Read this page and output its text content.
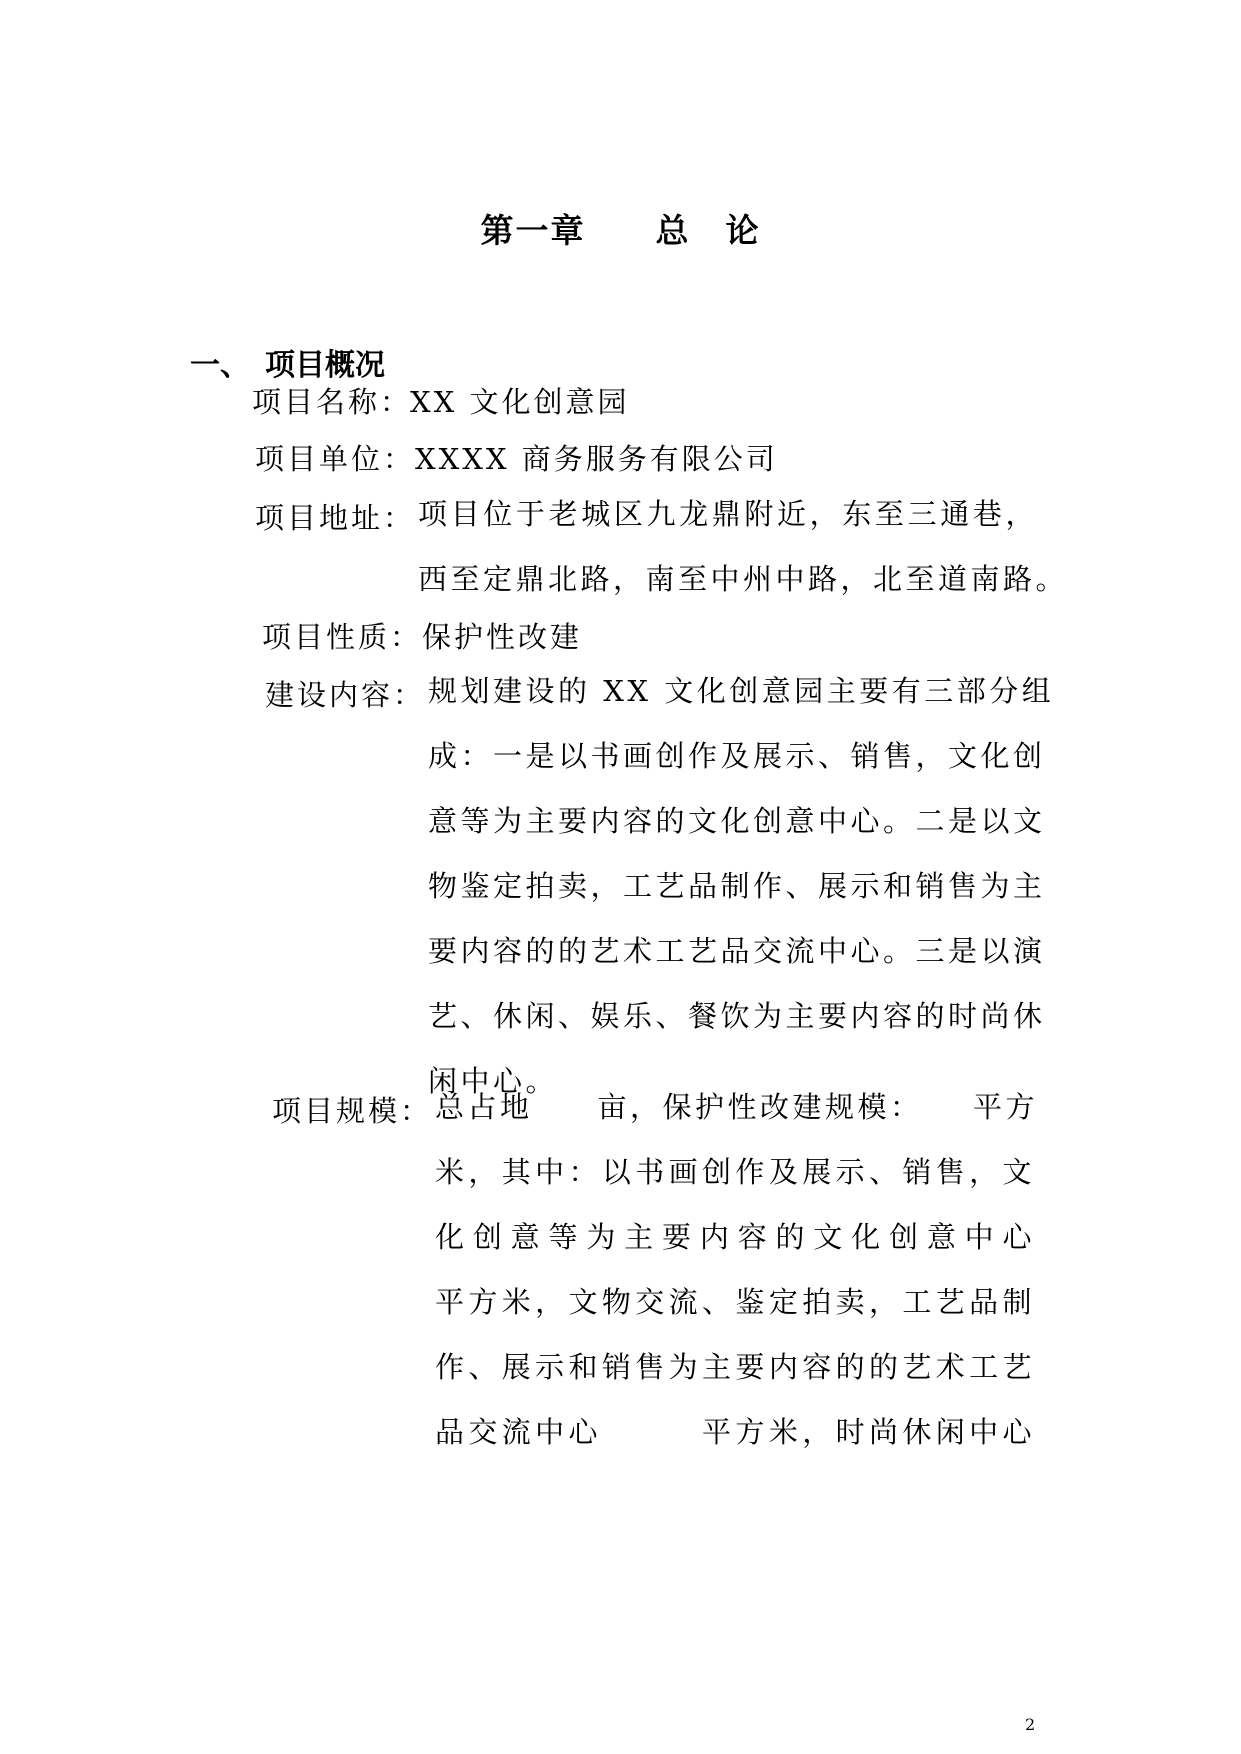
第一章　　总　论
一、　项目概况
项目名称：
XX 文化创意园
项目单位： XXXX 商务服务有限公司
项目地址： 项目位于老城区九龙鼎附近，东至三通巷，
西至定鼎北路，南至中州中路，北至道南路。
项目性质： 保护性改建
建设内容： 规划建设的 XX 文化创意园主要有三部分组
成：一是以书画创作及展示、销售，文化创
意等为主要内容的文化创意中心。二是以文
物鉴定拍卖，工艺品制作、展示和销售为主
要内容的的艺术工艺品交流中心。三是以演
艺、休闲、娱乐、餐饮为主要内容的时尚休
闲中心。
项目规模： 总占地　　亩，保护性改建规模：　　平方
米，其中：以书画创作及展示、销售，文
化创意等为主要内容的文化创意中心
平方米，文物交流、鉴定拍卖，工艺品制
作、展示和销售为主要内容的的艺术工艺
品交流中心　　　平方米，时尚休闲中心
2
